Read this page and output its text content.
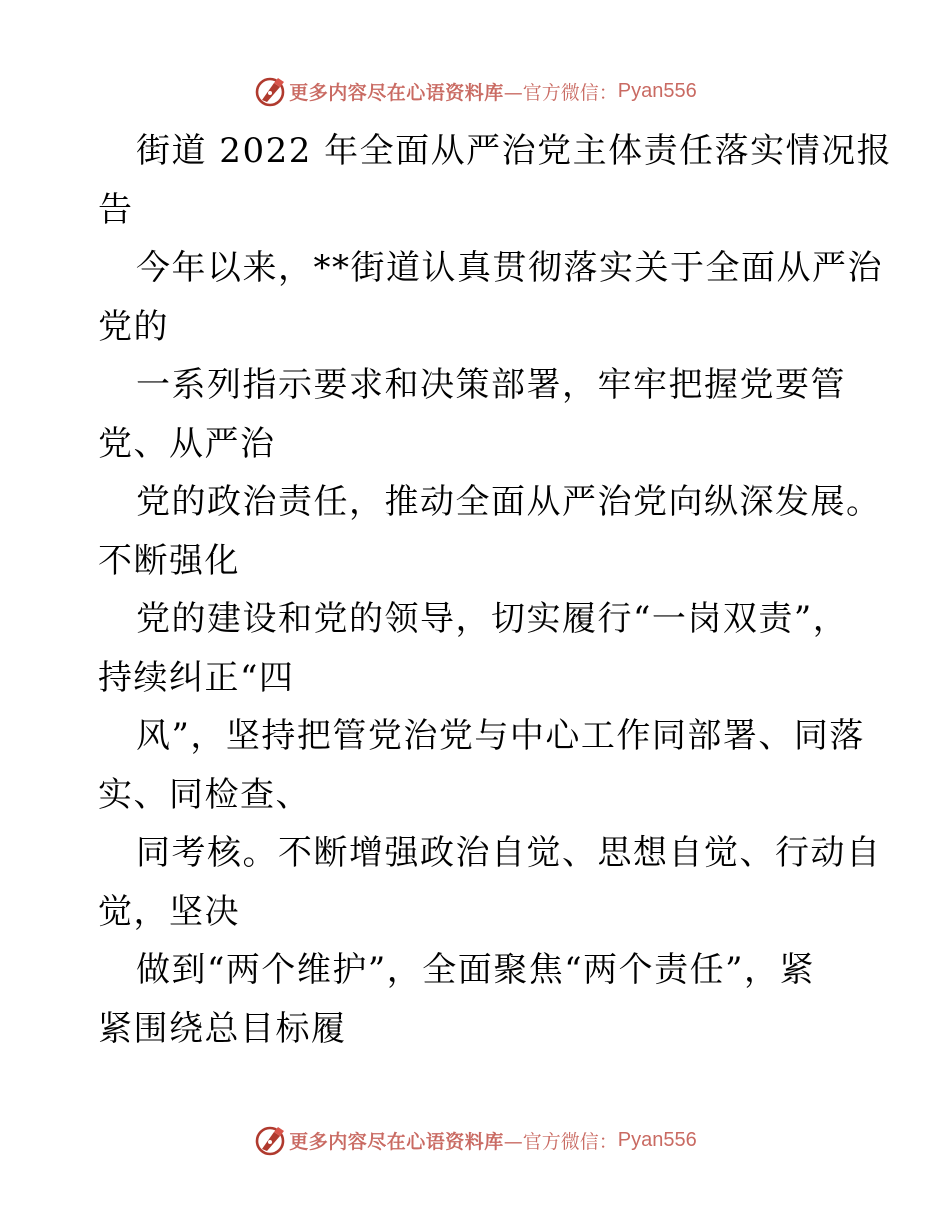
更多内容尽在心语资料库 —官方微信： Pyan556
街道 2022 年全面从严治党主体责任落实情况报
告
今年以来，**街道认真贯彻落实关于全面从严治
党的
一系列指示要求和决策部署，牢牢把握党要管
党、从严治
党的政治责任，推动全面从严治党向纵深发展。
不断强化
党的建设和党的领导，切实履行“一岗双责”，
持续纠正“四
风”，坚持把管党治党与中心工作同部署、同落
实、同检查、
同考核。不断增强政治自觉、思想自觉、行动自
觉，坚决
做到“两个维护”，全面聚焦“两个责任”，紧
紧围绕总目标履
更多内容尽在心语资料库 —官方微信： Pyan556
